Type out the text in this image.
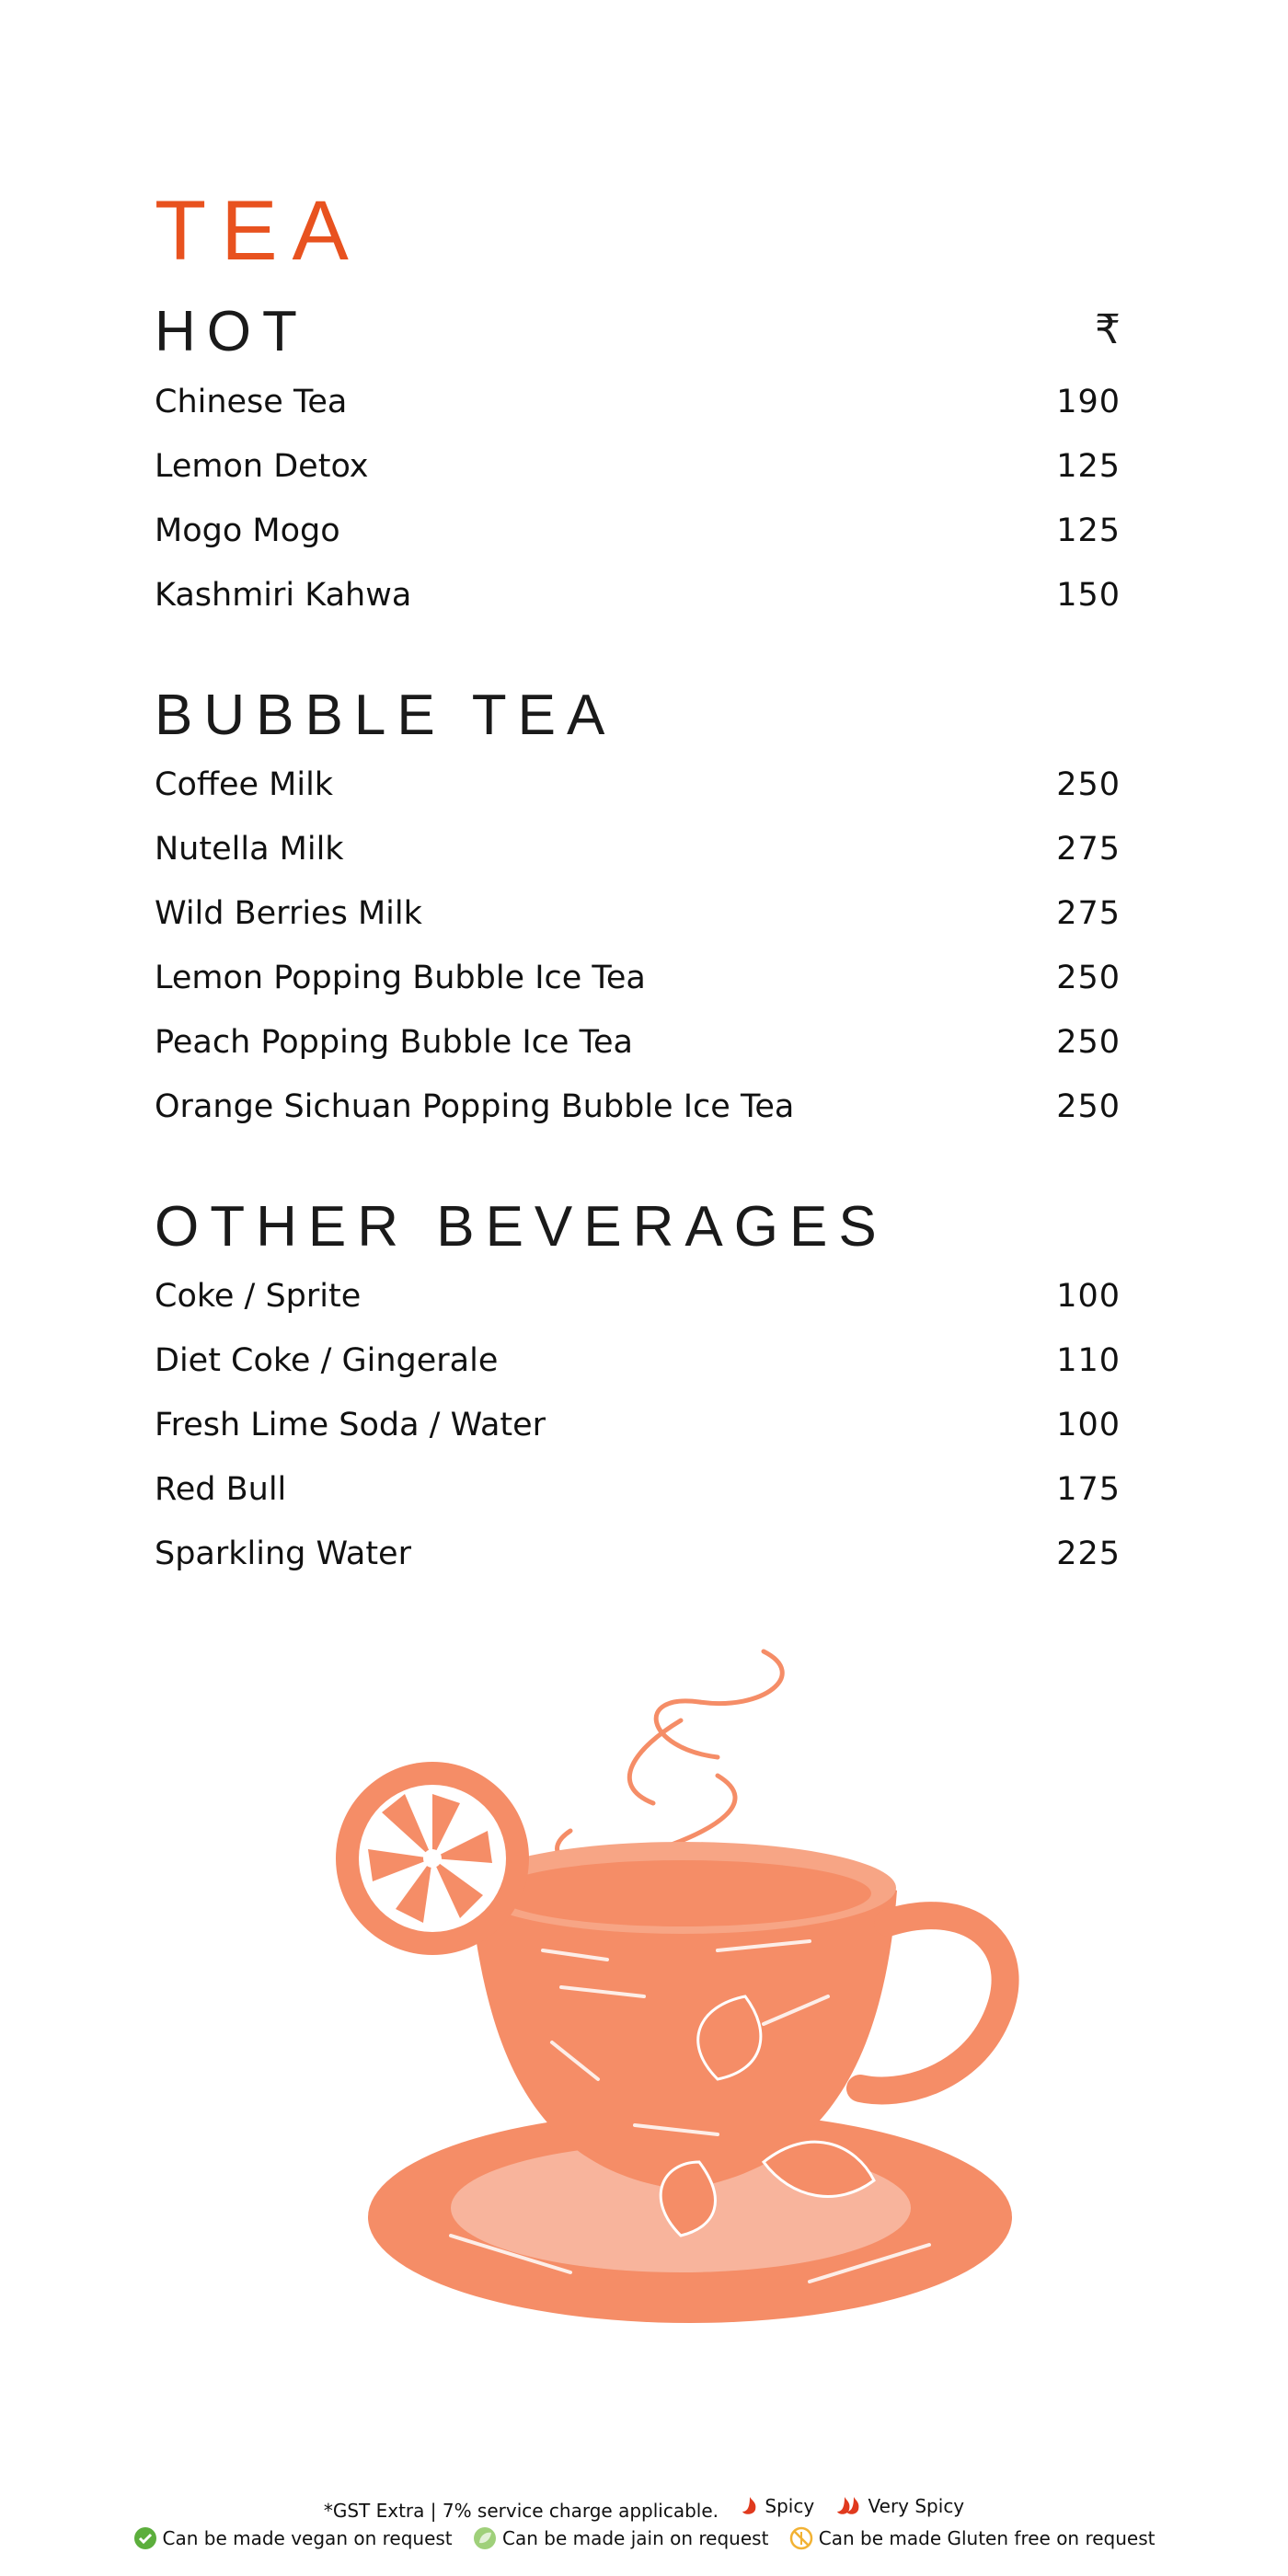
TEA
HOT	₹
Chinese Tea	190
Lemon Detox	125
Mogo Mogo	125
Kashmiri Kahwa	150
BUBBLE TEA
Coffee Milk	250
Nutella Milk	275
Wild Berries Milk	275
Lemon Popping Bubble Ice Tea	250
Peach Popping Bubble Ice Tea	250
Orange Sichuan Popping Bubble Ice Tea	250
OTHER BEVERAGES
Coke / Sprite	100
Diet Coke / Gingerale	110
Fresh Lime Soda / Water	100
Red Bull	175
Sparkling Water	225
*GST Extra | 7% service charge applicable.	Spicy
	Very Spicy
Can be made vegan on request
	Can be made jain on request
	Can be made Gluten free on request
